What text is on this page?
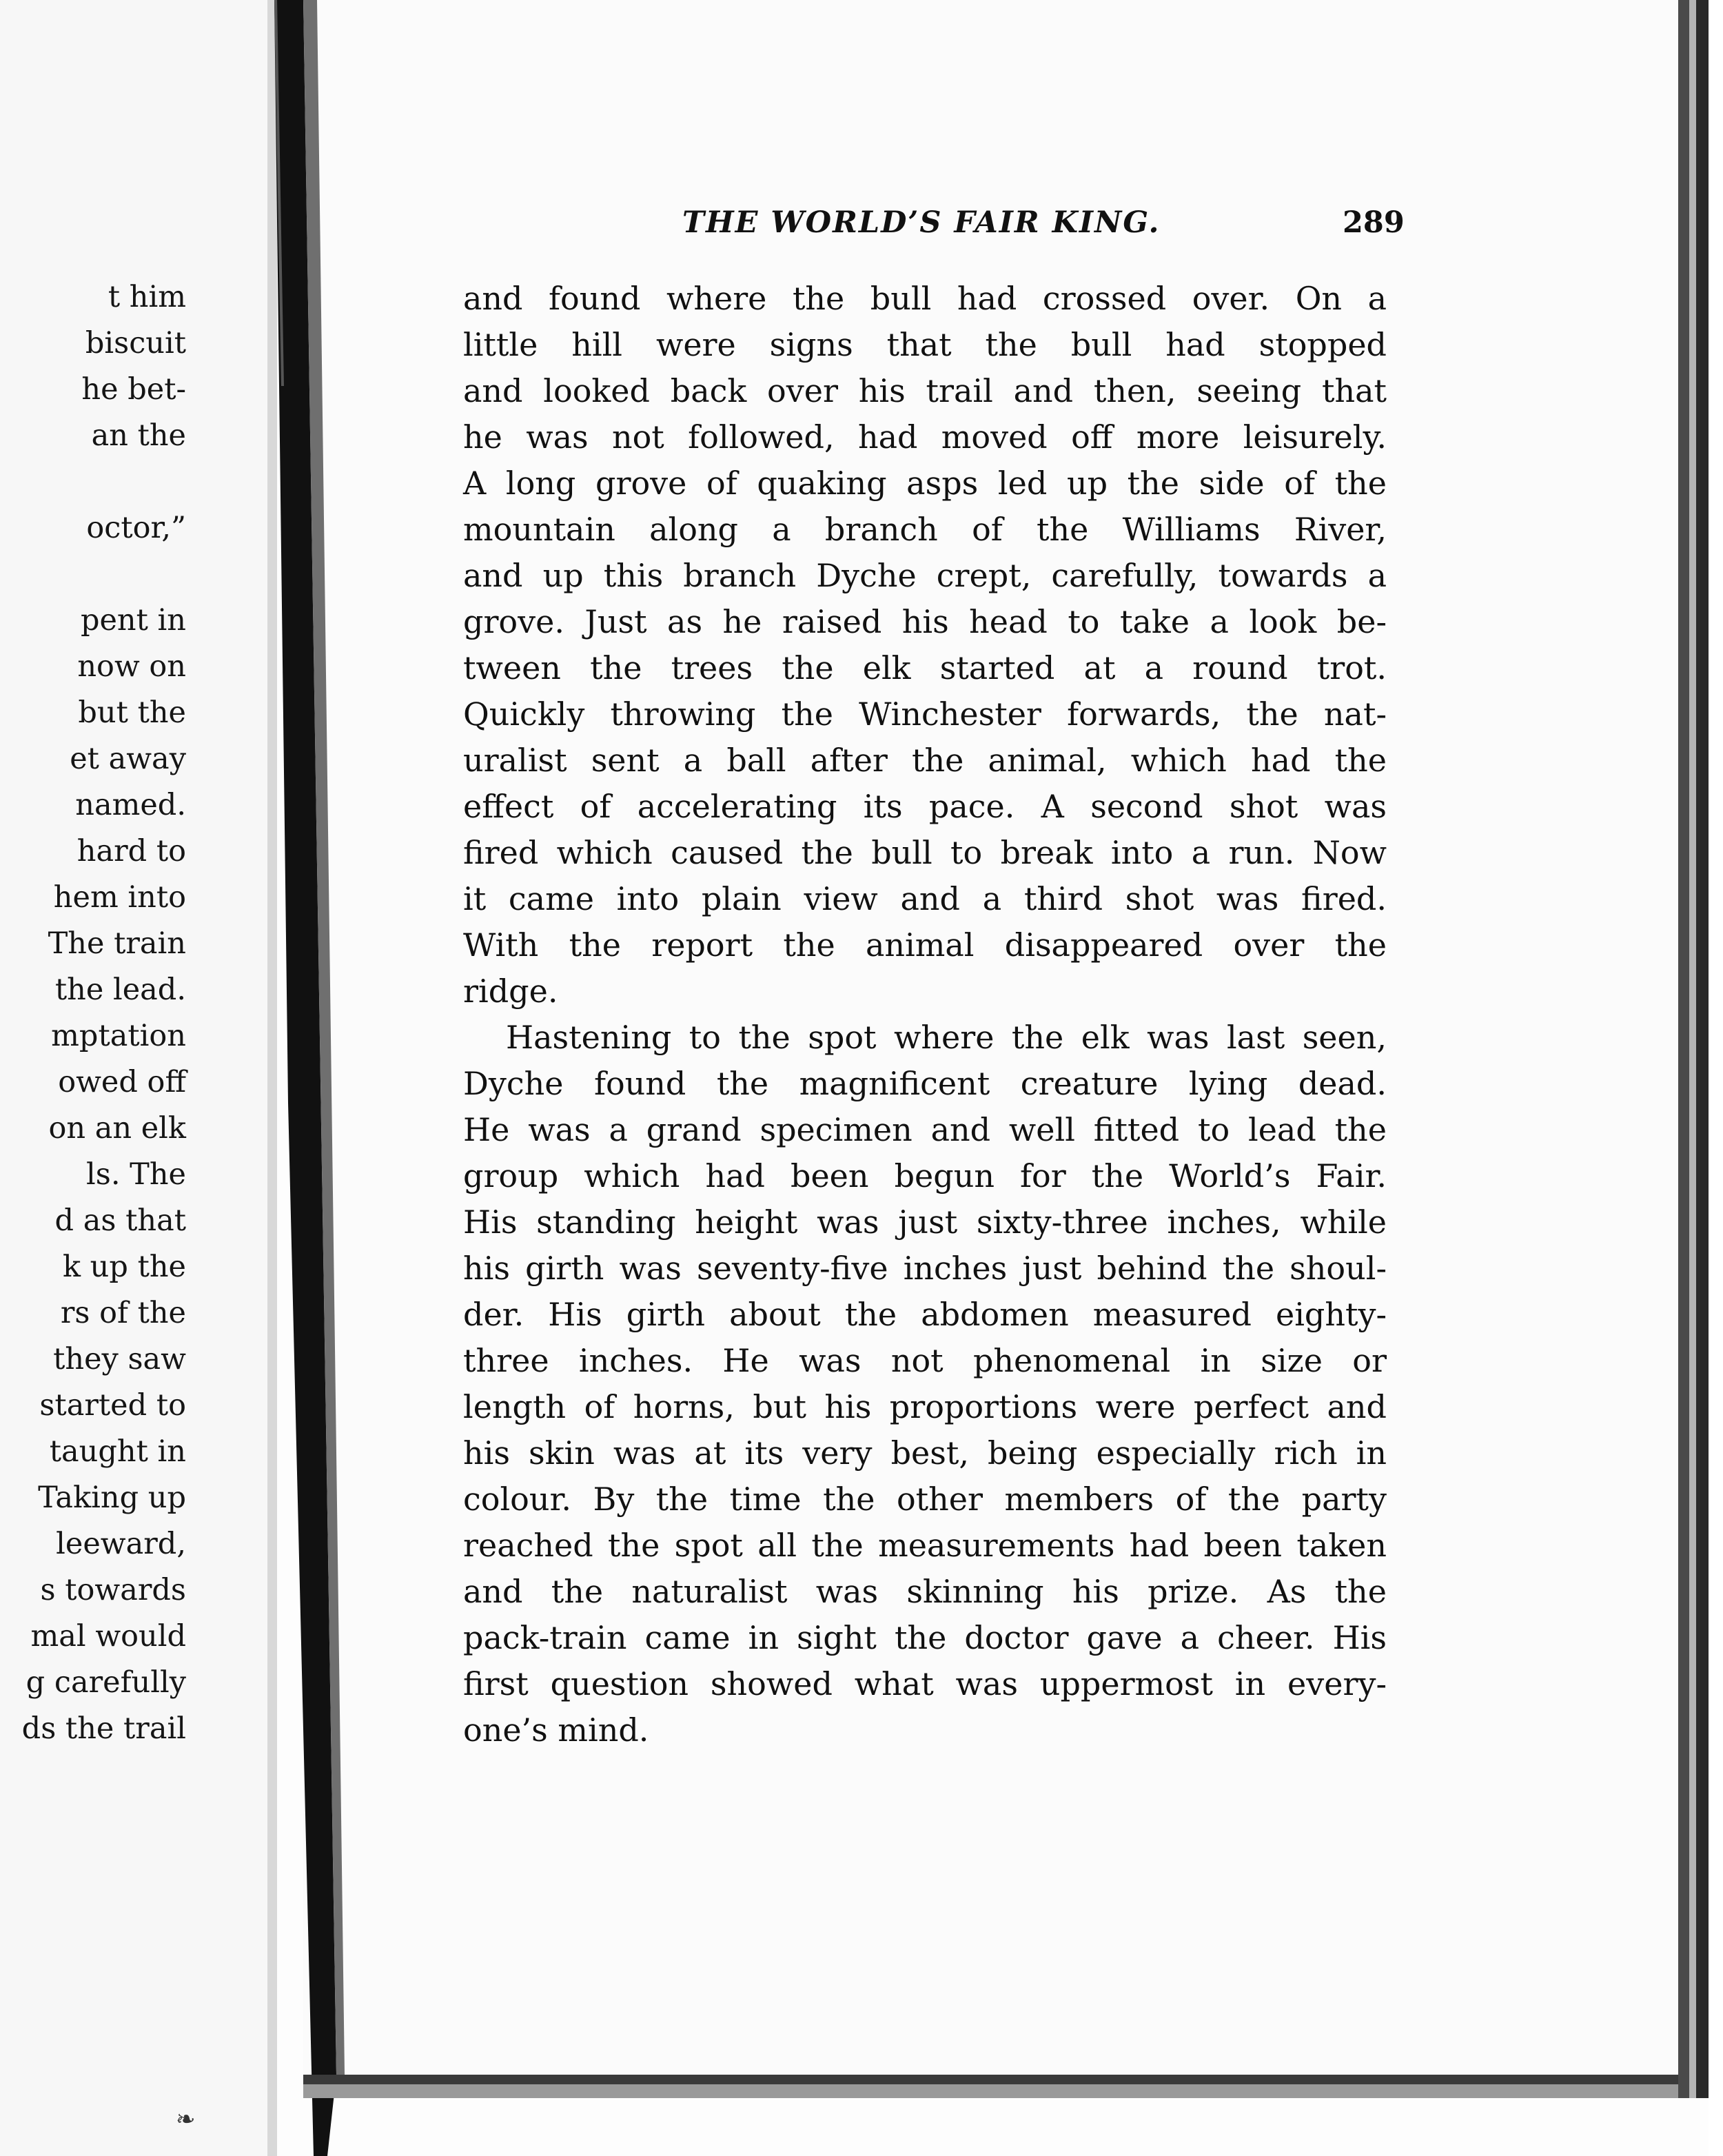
t him
biscuit
he bet-
an the
octor,”
pent in
now on
but the
et away
named.
hard to
hem into
The train
the lead.
mptation
owed off
on an elk
ls. The
d as that
k up the
rs of the
they saw
started to
taught in
Taking up
leeward,
s towards
mal would
g carefully
ds the trail
THE WORLD’S FAIR KING.	289
and found where the bull had crossed over. On a
little hill were signs that the bull had stopped
and looked back over his trail and then, seeing that
he was not followed, had moved off more leisurely.
A long grove of quaking asps led up the side of the
mountain along a branch of the Williams River,
and up this branch Dyche crept, carefully, towards a
grove. Just as he raised his head to take a look be-
tween the trees the elk started at a round trot.
Quickly throwing the Winchester forwards, the nat-
uralist sent a ball after the animal, which had the
effect of accelerating its pace. A second shot was
fired which caused the bull to break into a run. Now
it came into plain view and a third shot was fired.
With the report the animal disappeared over the
ridge.
Hastening to the spot where the elk was last seen,
Dyche found the magnificent creature lying dead.
He was a grand specimen and well fitted to lead the
group which had been begun for the World’s Fair.
His standing height was just sixty-three inches, while
his girth was seventy-five inches just behind the shoul-
der. His girth about the abdomen measured eighty-
three inches. He was not phenomenal in size or
length of horns, but his proportions were perfect and
his skin was at its very best, being especially rich in
colour. By the time the other members of the party
reached the spot all the measurements had been taken
and the naturalist was skinning his prize. As the
pack-train came in sight the doctor gave a cheer. His
first question showed what was uppermost in every-
one’s mind.
❧
